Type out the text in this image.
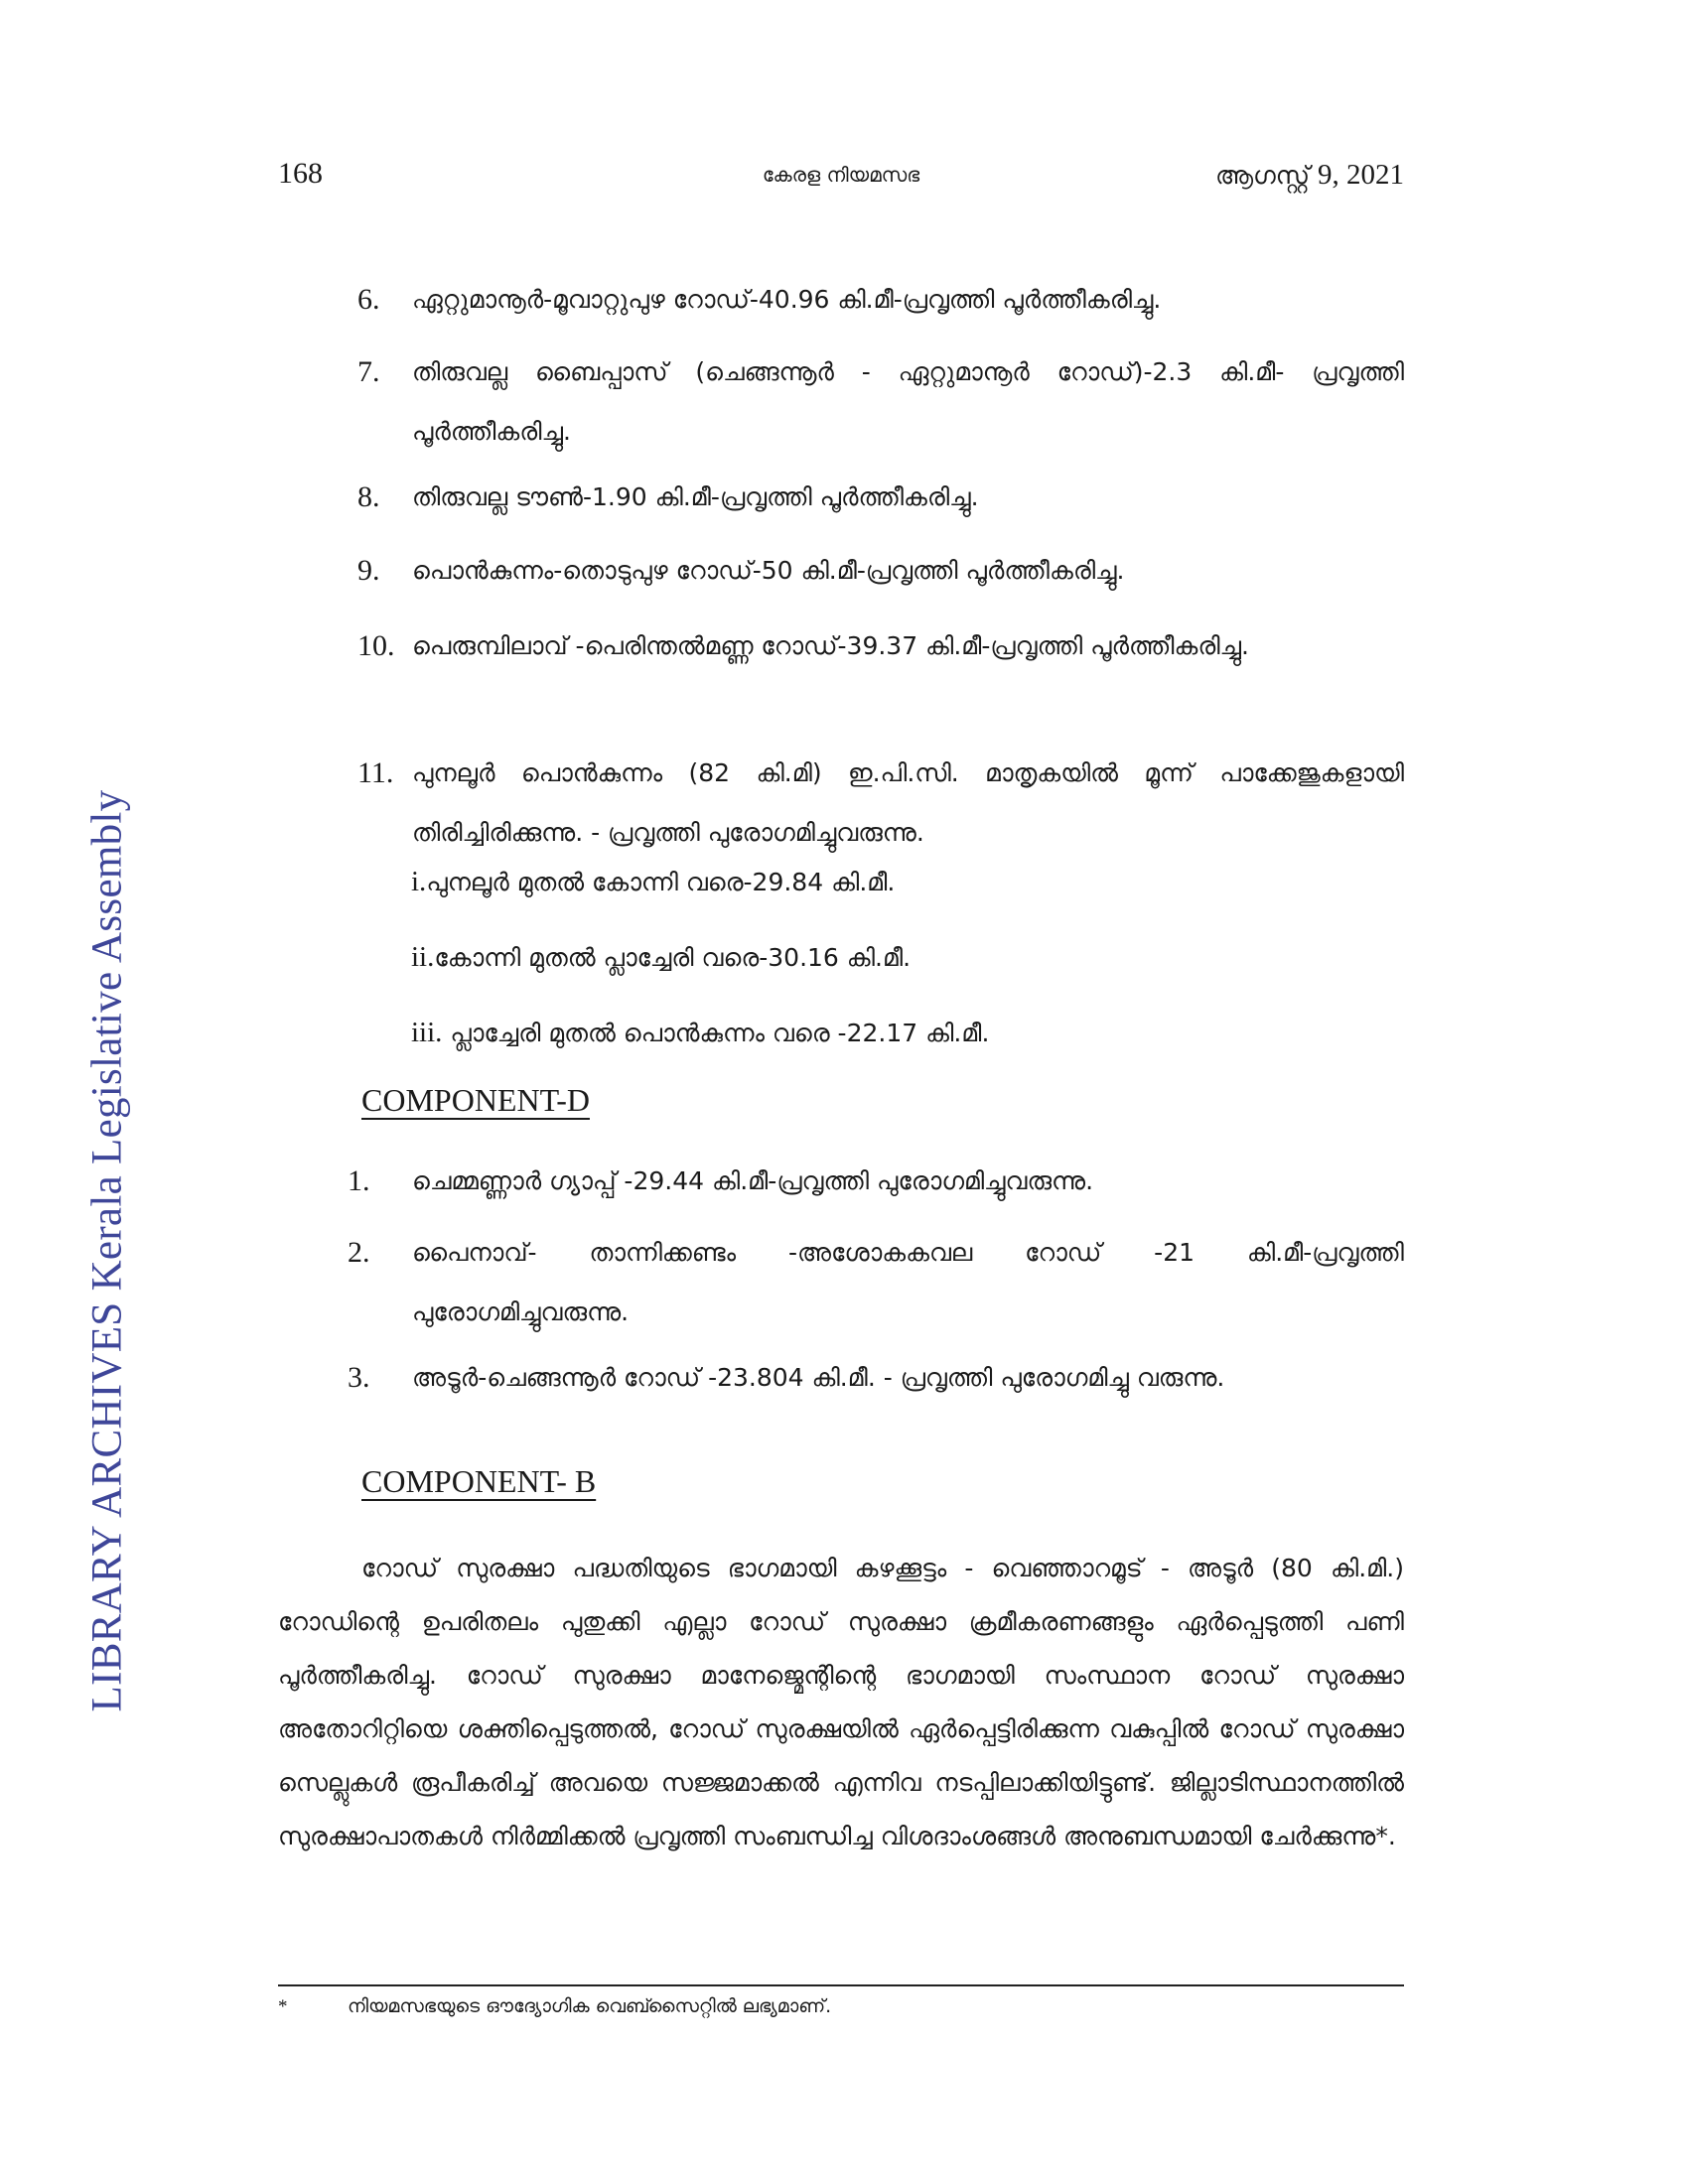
LIBRARY ARCHIVES Kerala Legislative Assembly
168	കേരള നിയമസഭ	ആഗസ്റ്റ് 9, 2021
6. ഏറ്റുമാനൂർ-മൂവാറ്റുപുഴ റോഡ്-40.96 കി.മീ-പ്രവൃത്തി പൂർത്തീകരിച്ചു.
7. തിരുവല്ല ബൈപ്പാസ് (ചെങ്ങന്നൂർ - ഏറ്റുമാനൂർ റോഡ്)-2.3 കി.മീ- പ്രവൃത്തി പൂർത്തീകരിച്ചു.
8. തിരുവല്ല ടൗൺ-1.90 കി.മീ-പ്രവൃത്തി പൂർത്തീകരിച്ചു.
9. പൊൻകുന്നം-തൊടുപുഴ റോഡ്-50 കി.മീ-പ്രവൃത്തി പൂർത്തീകരിച്ചു.
10. പെരുമ്പിലാവ് -പെരിന്തൽമണ്ണ റോഡ്-39.37 കി.മീ-പ്രവൃത്തി പൂർത്തീകരിച്ചു.
11. പുനലൂർ പൊൻകുന്നം (82 കി.മി) ഇ.പി.സി. മാതൃകയിൽ മൂന്ന് പാക്കേജുകളായി തിരിച്ചിരിക്കുന്നു. - പ്രവൃത്തി പുരോഗമിച്ചുവരുന്നു.
i.പുനലൂർ മുതൽ കോന്നി വരെ-29.84 കി.മീ.
ii.കോന്നി മുതൽ പ്ലാച്ചേരി വരെ-30.16 കി.മീ.
iii. പ്ലാച്ചേരി മുതൽ പൊൻകുന്നം വരെ -22.17 കി.മീ.
COMPONENT-D
1. ചെമ്മണ്ണാർ ഗ്യാപ്പ് -29.44 കി.മീ-പ്രവൃത്തി പുരോഗമിച്ചുവരുന്നു.
2. പൈനാവ്- താന്നിക്കണ്ടം -അശോകകവല റോഡ് -21 കി.മീ-പ്രവൃത്തി പുരോഗമിച്ചുവരുന്നു.
3. അടൂർ-ചെങ്ങന്നൂർ റോഡ് -23.804 കി.മീ. - പ്രവൃത്തി പുരോഗമിച്ചു വരുന്നു.
COMPONENT- B
റോഡ് സുരക്ഷാ പദ്ധതിയുടെ ഭാഗമായി കഴക്കൂട്ടം - വെഞ്ഞാറമൂട് - അടൂർ (80 കി.മി.) റോഡിന്റെ ഉപരിതലം പുതുക്കി എല്ലാ റോഡ് സുരക്ഷാ ക്രമീകരണങ്ങളും ഏർപ്പെടുത്തി പണി പൂർത്തീകരിച്ചു. റോഡ് സുരക്ഷാ മാനേജ്മെന്റിന്റെ ഭാഗമായി സംസ്ഥാന റോഡ് സുരക്ഷാ അതോറിറ്റിയെ ശക്തിപ്പെടുത്തൽ, റോഡ് സുരക്ഷയിൽ ഏർപ്പെട്ടിരിക്കുന്ന വകുപ്പിൽ റോഡ് സുരക്ഷാ സെല്ലുകൾ രൂപീകരിച്ച് അവയെ സജ്ജമാക്കൽ എന്നിവ നടപ്പിലാക്കിയിട്ടുണ്ട്. ജില്ലാടിസ്ഥാനത്തിൽ സുരക്ഷാപാതകൾ നിർമ്മിക്കൽ പ്രവൃത്തി സംബന്ധിച്ച വിശദാംശങ്ങൾ അനുബന്ധമായി ചേർക്കുന്നു*.
*	നിയമസഭയുടെ ഔദ്യോഗിക വെബ്സൈറ്റിൽ ലഭ്യമാണ്.
